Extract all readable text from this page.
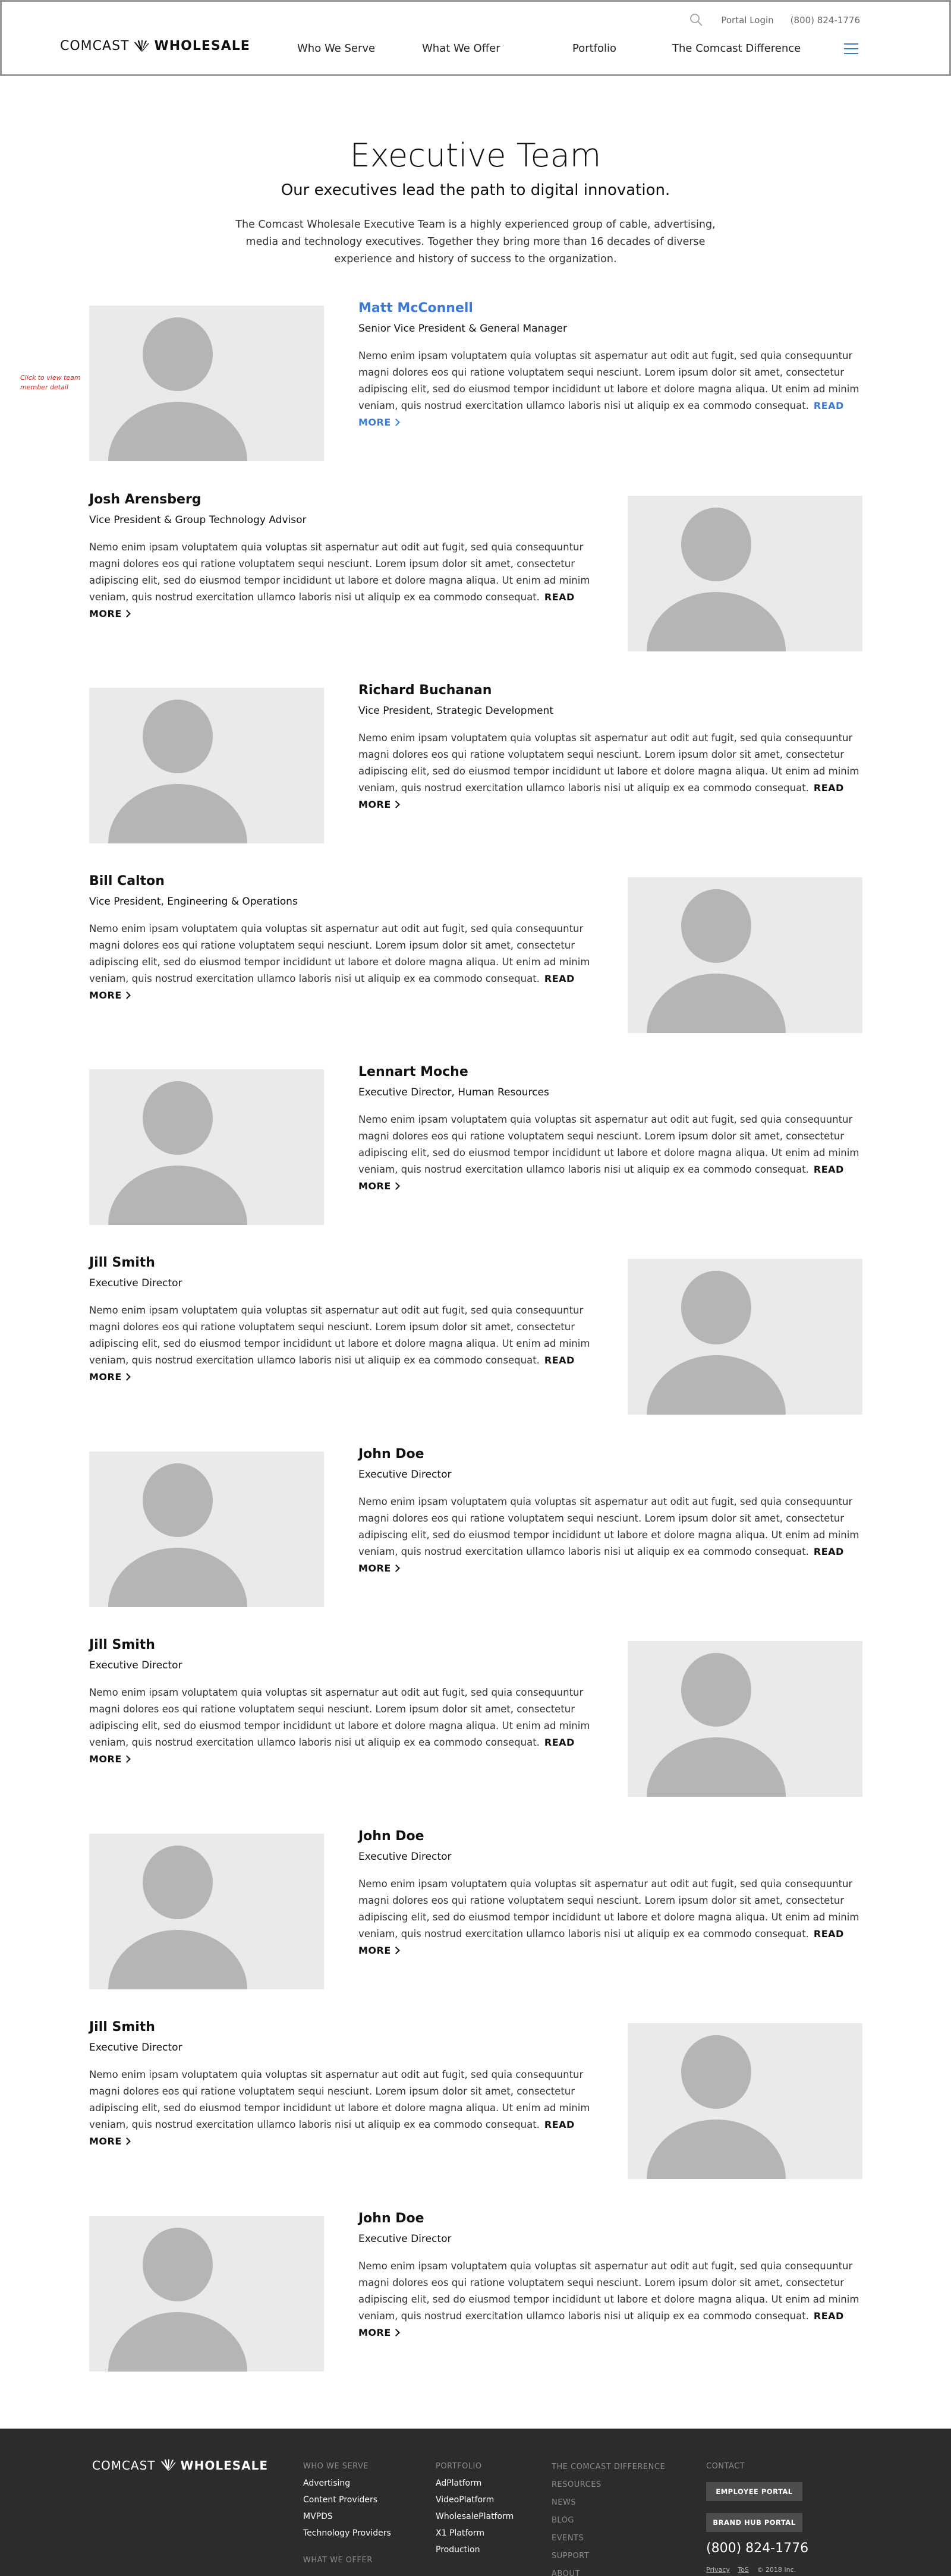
COMCAST WHOLESALE
Portal Login (800) 824-1776
Who We Serve	What We Offer	Portfolio	The Comcast Difference
Executive Team

Our executives lead the path to digital innovation.

The Comcast Wholesale Executive Team is a highly experienced group of cable, advertising, media and technology executives. Together they bring more than 16 decades of diverse experience and history of success to the organization.

Click to view team member detail
Matt McConnell
Senior Vice President & General Manager

Nemo enim ipsam voluptatem quia voluptas sit aspernatur aut odit aut fugit, sed quia consequuntur magni dolores eos qui ratione voluptatem sequi nesciunt. Lorem ipsum dolor sit amet, consectetur adipiscing elit, sed do eiusmod tempor incididunt ut labore et dolore magna aliqua. Ut enim ad minim veniam, quis nostrud exercitation ullamco laboris nisi ut aliquip ex ea commodo consequat. READ MORE

Josh Arensberg
Vice President & Group Technology Advisor

Nemo enim ipsam voluptatem quia voluptas sit aspernatur aut odit aut fugit, sed quia consequuntur magni dolores eos qui ratione voluptatem sequi nesciunt. Lorem ipsum dolor sit amet, consectetur adipiscing elit, sed do eiusmod tempor incididunt ut labore et dolore magna aliqua. Ut enim ad minim veniam, quis nostrud exercitation ullamco laboris nisi ut aliquip ex ea commodo consequat. READ MORE

Richard Buchanan
Vice President, Strategic Development

Nemo enim ipsam voluptatem quia voluptas sit aspernatur aut odit aut fugit, sed quia consequuntur magni dolores eos qui ratione voluptatem sequi nesciunt. Lorem ipsum dolor sit amet, consectetur adipiscing elit, sed do eiusmod tempor incididunt ut labore et dolore magna aliqua. Ut enim ad minim veniam, quis nostrud exercitation ullamco laboris nisi ut aliquip ex ea commodo consequat. READ MORE

Bill Calton
Vice President, Engineering & Operations

Nemo enim ipsam voluptatem quia voluptas sit aspernatur aut odit aut fugit, sed quia consequuntur magni dolores eos qui ratione voluptatem sequi nesciunt. Lorem ipsum dolor sit amet, consectetur adipiscing elit, sed do eiusmod tempor incididunt ut labore et dolore magna aliqua. Ut enim ad minim veniam, quis nostrud exercitation ullamco laboris nisi ut aliquip ex ea commodo consequat. READ MORE

Lennart Moche
Executive Director, Human Resources

Nemo enim ipsam voluptatem quia voluptas sit aspernatur aut odit aut fugit, sed quia consequuntur magni dolores eos qui ratione voluptatem sequi nesciunt. Lorem ipsum dolor sit amet, consectetur adipiscing elit, sed do eiusmod tempor incididunt ut labore et dolore magna aliqua. Ut enim ad minim veniam, quis nostrud exercitation ullamco laboris nisi ut aliquip ex ea commodo consequat. READ MORE

Jill Smith
Executive Director

Nemo enim ipsam voluptatem quia voluptas sit aspernatur aut odit aut fugit, sed quia consequuntur magni dolores eos qui ratione voluptatem sequi nesciunt. Lorem ipsum dolor sit amet, consectetur adipiscing elit, sed do eiusmod tempor incididunt ut labore et dolore magna aliqua. Ut enim ad minim veniam, quis nostrud exercitation ullamco laboris nisi ut aliquip ex ea commodo consequat. READ MORE

John Doe
Executive Director

Nemo enim ipsam voluptatem quia voluptas sit aspernatur aut odit aut fugit, sed quia consequuntur magni dolores eos qui ratione voluptatem sequi nesciunt. Lorem ipsum dolor sit amet, consectetur adipiscing elit, sed do eiusmod tempor incididunt ut labore et dolore magna aliqua. Ut enim ad minim veniam, quis nostrud exercitation ullamco laboris nisi ut aliquip ex ea commodo consequat. READ MORE

Jill Smith
Executive Director

Nemo enim ipsam voluptatem quia voluptas sit aspernatur aut odit aut fugit, sed quia consequuntur magni dolores eos qui ratione voluptatem sequi nesciunt. Lorem ipsum dolor sit amet, consectetur adipiscing elit, sed do eiusmod tempor incididunt ut labore et dolore magna aliqua. Ut enim ad minim veniam, quis nostrud exercitation ullamco laboris nisi ut aliquip ex ea commodo consequat. READ MORE

John Doe
Executive Director

Nemo enim ipsam voluptatem quia voluptas sit aspernatur aut odit aut fugit, sed quia consequuntur magni dolores eos qui ratione voluptatem sequi nesciunt. Lorem ipsum dolor sit amet, consectetur adipiscing elit, sed do eiusmod tempor incididunt ut labore et dolore magna aliqua. Ut enim ad minim veniam, quis nostrud exercitation ullamco laboris nisi ut aliquip ex ea commodo consequat. READ MORE

Jill Smith
Executive Director

Nemo enim ipsam voluptatem quia voluptas sit aspernatur aut odit aut fugit, sed quia consequuntur magni dolores eos qui ratione voluptatem sequi nesciunt. Lorem ipsum dolor sit amet, consectetur adipiscing elit, sed do eiusmod tempor incididunt ut labore et dolore magna aliqua. Ut enim ad minim veniam, quis nostrud exercitation ullamco laboris nisi ut aliquip ex ea commodo consequat. READ MORE

John Doe
Executive Director

Nemo enim ipsam voluptatem quia voluptas sit aspernatur aut odit aut fugit, sed quia consequuntur magni dolores eos qui ratione voluptatem sequi nesciunt. Lorem ipsum dolor sit amet, consectetur adipiscing elit, sed do eiusmod tempor incididunt ut labore et dolore magna aliqua. Ut enim ad minim veniam, quis nostrud exercitation ullamco laboris nisi ut aliquip ex ea commodo consequat. READ MORE

COMCAST WHOLESALE	WHO WE SERVE
Advertising
Content Providers
MVPDS
Technology Providers
WHAT WE OFFER
PORTFOLIO
AdPlatform
VideoPlatform
WholesalePlatform
X1 Platform
Production
THE COMCAST DIFFERENCE
RESOURCES
NEWS
BLOG
EVENTS
SUPPORT
ABOUT
CONTACT
EMPLOYEE PORTAL
BRAND HUB PORTAL
(800) 824-1776
Privacy ToS © 2018 Inc.
